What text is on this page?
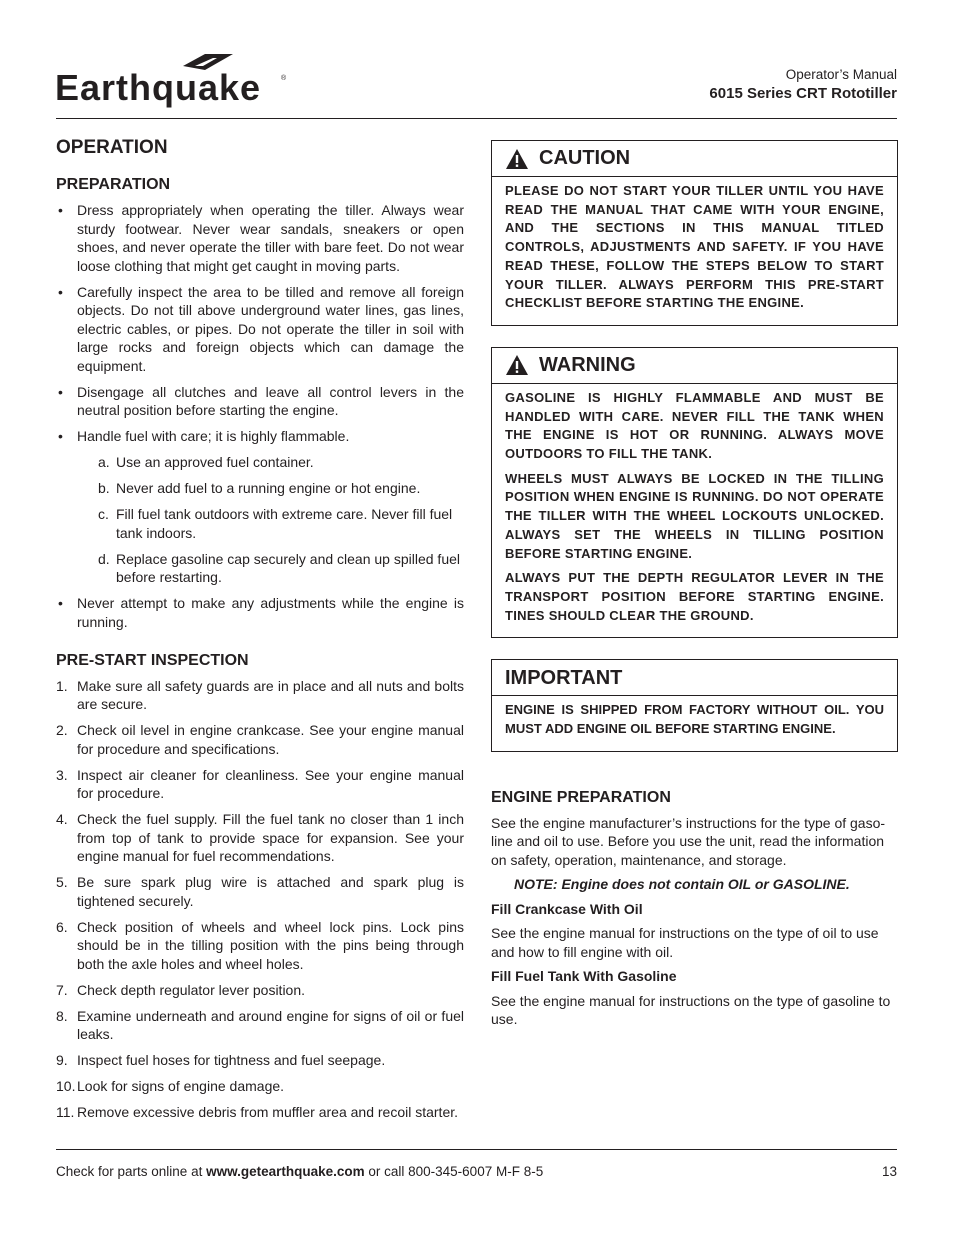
Earthquake	®	Operator’s Manual
6015 Series CRT Rototiller
OPERATION
PREPARATION
• Dress appropriately when operating the tiller. Always wear sturdy footwear. Never wear sandals, sneakers or open shoes, and never operate the tiller with bare feet. Do not wear loose clothing that might get caught in moving parts.
• Carefully inspect the area to be tilled and remove all foreign objects. Do not till above underground water lines, gas lines, electric cables, or pipes. Do not operate the tiller in soil with large rocks and foreign objects which can damage the equipment.
• Disengage all clutches and leave all control levers in the neutral position before starting the engine.
• Handle fuel with care; it is highly flammable.
a. Use an approved fuel container.
b. Never add fuel to a running engine or hot engine.
c. Fill fuel tank outdoors with extreme care. Never fill fuel tank indoors.
d. Replace gasoline cap securely and clean up spilled fuel before restarting.
• Never attempt to make any adjustments while the engine is running.
PRE-START INSPECTION
1. Make sure all safety guards are in place and all nuts and bolts are secure.
2. Check oil level in engine crankcase. See your engine manual for procedure and specifications.
3. Inspect air cleaner for cleanliness. See your engine manual for procedure.
4. Check the fuel supply. Fill the fuel tank no closer than 1 inch from top of tank to provide space for expansion. See your engine manual for fuel recommendations.
5. Be sure spark plug wire is attached and spark plug is tightened securely.
6. Check position of wheels and wheel lock pins. Lock pins should be in the tilling position with the pins being through both the axle holes and wheel holes.
7. Check depth regulator lever position.
8. Examine underneath and around engine for signs of oil or fuel leaks.
9. Inspect fuel hoses for tightness and fuel seepage.
10. Look for signs of engine damage.
11. Remove excessive debris from muffler area and recoil starter.
CAUTION

PLEASE DO NOT START YOUR TILLER UNTIL YOU HAVE READ THE MANUAL THAT CAME WITH YOUR ENGINE, AND THE SECTIONS IN THIS MANUAL TITLED CONTROLS, ADJUSTMENTS AND SAFETY. IF YOU HAVE READ THESE, FOLLOW THE STEPS BELOW TO START YOUR TILLER. ALWAYS PERFORM THIS PRE-START CHECKLIST BEFORE STARTING THE ENGINE.

WARNING

GASOLINE IS HIGHLY FLAMMABLE AND MUST BE HANDLED WITH CARE. NEVER FILL THE TANK WHEN THE ENGINE IS HOT OR RUNNING. ALWAYS MOVE OUTDOORS TO FILL THE TANK.

WHEELS MUST ALWAYS BE LOCKED IN THE TILLING POSITION WHEN ENGINE IS RUNNING. DO NOT OPERATE THE TILLER WITH THE WHEEL LOCKOUTS UNLOCKED. ALWAYS SET THE WHEELS IN TILLING POSITION BEFORE STARTING ENGINE.

ALWAYS PUT THE DEPTH REGULATOR LEVER IN THE TRANSPORT POSITION BEFORE STARTING ENGINE. TINES SHOULD CLEAR THE GROUND.

IMPORTANT

ENGINE IS SHIPPED FROM FACTORY WITHOUT OIL. YOU MUST ADD ENGINE OIL BEFORE STARTING ENGINE.

ENGINE PREPARATION

See the engine manufacturer’s instructions for the type of gaso-line and oil to use. Before you use the unit, read the information on safety, operation, maintenance, and storage.

NOTE: Engine does not contain OIL or GASOLINE.

Fill Crankcase With Oil

See the engine manual for instructions on the type of oil to use and how to fill engine with oil.

Fill Fuel Tank With Gasoline

See the engine manual for instructions on the type of gasoline to use.

Check for parts online at www.getearthquake.com or call 800-345-6007 M-F 8-5	13
